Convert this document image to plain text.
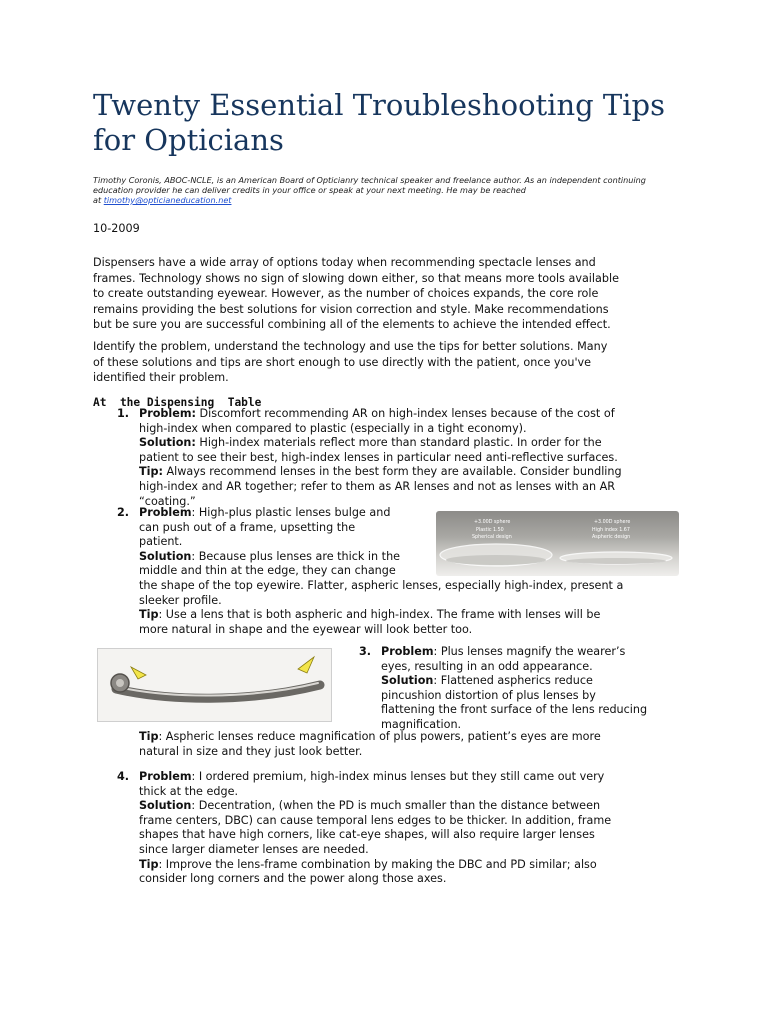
Twenty Essential Troubleshooting Tips
for Opticians

Timothy Coronis, ABOC-NCLE, is an American Board of Opticianry technical speaker and freelance author. As an independent continuing
education provider he can deliver credits in your office or speak at your next meeting. He may be reached
at timothy@opticianeducation.net

10-2009

Dispensers have a wide array of options today when recommending spectacle lenses and
frames. Technology shows no sign of slowing down either, so that means more tools available
to create outstanding eyewear. However, as the number of choices expands, the core role
remains providing the best solutions for vision correction and style. Make recommendations
but be sure you are successful combining all of the elements to achieve the intended effect.

Identify the problem, understand the technology and use the tips for better solutions. Many
of these solutions and tips are short enough to use directly with the patient, once you've
identified their problem.

At  the Dispensing  Table
1. Problem: Discomfort recommending AR on high-index lenses because of the cost of
high-index when compared to plastic (especially in a tight economy).
Solution: High-index materials reflect more than standard plastic. In order for the
patient to see their best, high-index lenses in particular need anti-reflective surfaces.
Tip: Always recommend lenses in the best form they are available. Consider bundling
high-index and AR together; refer to them as AR lenses and not as lenses with an AR
“coating.”
2. Problem: High-plus plastic lenses bulge and
can push out of a frame, upsetting the
patient.
Solution: Because plus lenses are thick in the
middle and thin at the edge, they can change
the shape of the top eyewire. Flatter, aspheric lenses, especially high-index, present a
sleeker profile.
Tip: Use a lens that is both aspheric and high-index. The frame with lenses will be
more natural in shape and the eyewear will look better too.
+3.00D sphere
Plastic 1.50
Spherical design
+3.00D sphere
High index 1.67
Aspheric design
3. Problem: Plus lenses magnify the wearer’s
eyes, resulting in an odd appearance.
Solution: Flattened aspherics reduce
pincushion distortion of plus lenses by
flattening the front surface of the lens reducing
magnification.
Tip: Aspheric lenses reduce magnification of plus powers, patient’s eyes are more
natural in size and they just look better.
4. Problem: I ordered premium, high-index minus lenses but they still came out very
thick at the edge.
Solution: Decentration, (when the PD is much smaller than the distance between
frame centers, DBC) can cause temporal lens edges to be thicker. In addition, frame
shapes that have high corners, like cat-eye shapes, will also require larger lenses
since larger diameter lenses are needed.
Tip: Improve the lens-frame combination by making the DBC and PD similar; also
consider long corners and the power along those axes.
